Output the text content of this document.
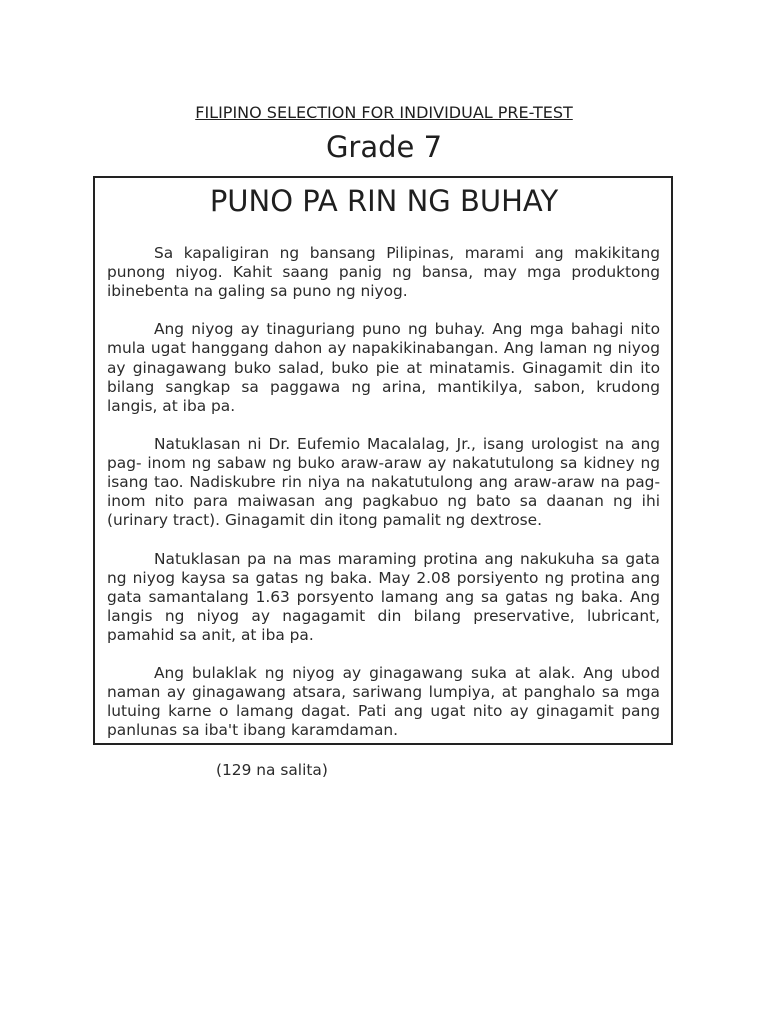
FILIPINO SELECTION FOR INDIVIDUAL PRE-TEST
Grade 7
PUNO PA RIN NG BUHAY

Sa kapaligiran ng bansang Pilipinas, marami ang makikitang punong niyog. Kahit saang panig ng bansa, may mga produktong ibinebenta na galing sa puno ng niyog.

Ang niyog ay tinaguriang puno ng buhay. Ang mga bahagi nito mula ugat hanggang dahon ay napakikinabangan. Ang laman ng niyog ay ginagawang buko salad, buko pie at minatamis. Ginagamit din ito bilang sangkap sa paggawa ng arina, mantikilya, sabon, krudong langis, at iba pa.

Natuklasan ni Dr. Eufemio Macalalag, Jr., isang urologist na ang pag- inom ng sabaw ng buko araw-araw ay nakatutulong sa kidney ng isang tao. Nadiskubre rin niya na nakatutulong ang araw-araw na pag-inom nito para maiwasan ang pagkabuo ng bato sa daanan ng ihi (urinary tract). Ginagamit din itong pamalit ng dextrose.

Natuklasan pa na mas maraming protina ang nakukuha sa gata ng niyog kaysa sa gatas ng baka. May 2.08 porsiyento ng protina ang gata samantalang 1.63 porsyento lamang ang sa gatas ng baka. Ang langis ng niyog ay nagagamit din bilang preservative, lubricant, pamahid sa anit, at iba pa.

Ang bulaklak ng niyog ay ginagawang suka at alak. Ang ubod naman ay ginagawang atsara, sariwang lumpiya, at panghalo sa mga lutuing karne o lamang dagat. Pati ang ugat nito ay ginagamit pang panlunas sa iba't ibang karamdaman.

(129 na salita)
